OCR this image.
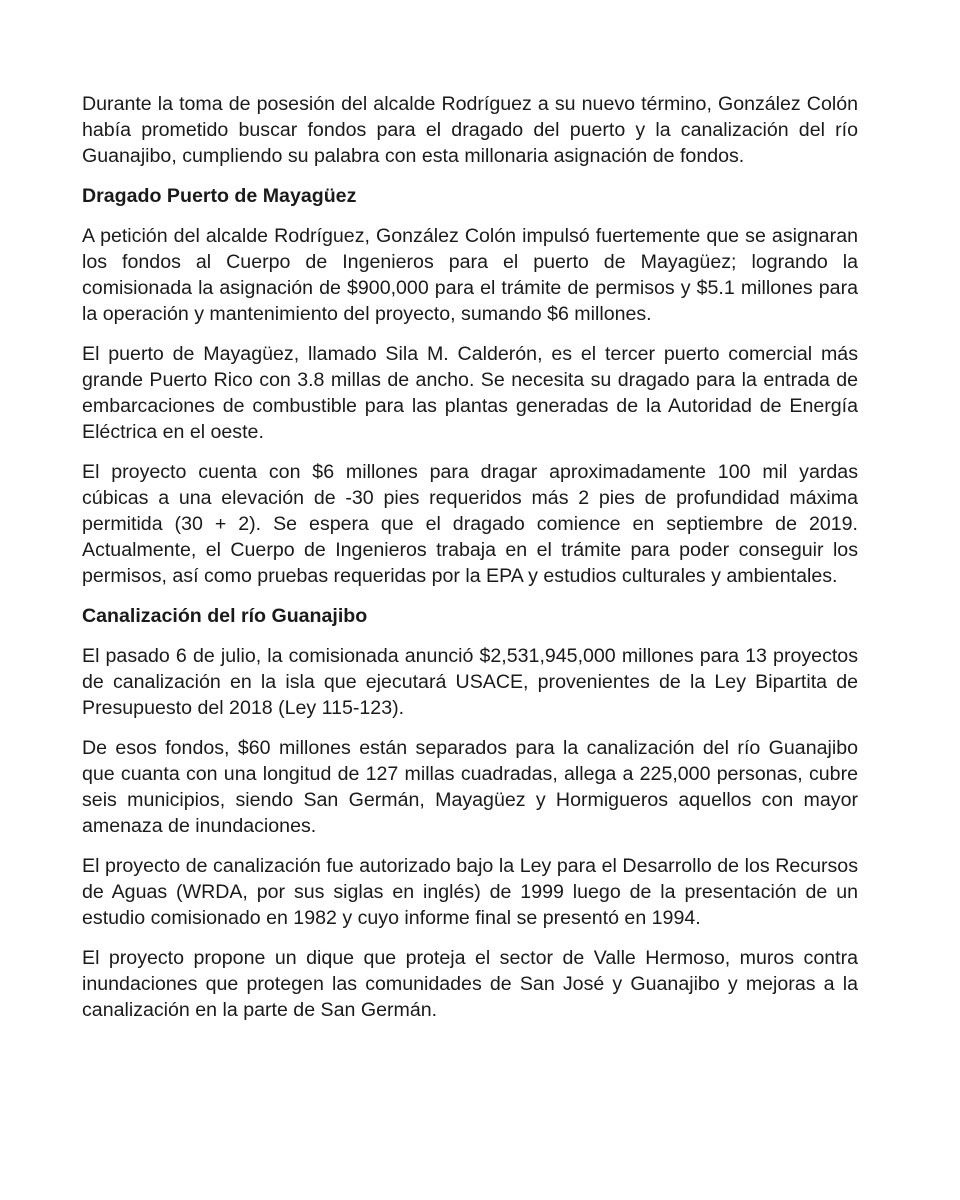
Durante la toma de posesión del alcalde Rodríguez a su nuevo término, González Colón había prometido buscar fondos para el dragado del puerto y la canalización del río Guanajibo, cumpliendo su palabra con esta millonaria asignación de fondos.

Dragado Puerto de Mayagüez

A petición del alcalde Rodríguez, González Colón impulsó fuertemente que se asignaran los fondos al Cuerpo de Ingenieros para el puerto de Mayagüez; logrando la comisionada la asignación de $900,000 para el trámite de permisos y $5.1 millones para la operación y mantenimiento del proyecto, sumando $6 millones.

El puerto de Mayagüez, llamado Sila M. Calderón, es el tercer puerto comercial más grande Puerto Rico con 3.8 millas de ancho. Se necesita su dragado para la entrada de embarcaciones de combustible para las plantas generadas de la Autoridad de Energía Eléctrica en el oeste.

El proyecto cuenta con $6 millones para dragar aproximadamente 100 mil yardas cúbicas a una elevación de -30 pies requeridos más 2 pies de profundidad máxima permitida (30 + 2). Se espera que el dragado comience en septiembre de 2019. Actualmente, el Cuerpo de Ingenieros trabaja en el trámite para poder conseguir los permisos, así como pruebas requeridas por la EPA y estudios culturales y ambientales.

Canalización del río Guanajibo

El pasado 6 de julio, la comisionada anunció $2,531,945,000 millones para 13 proyectos de canalización en la isla que ejecutará USACE, provenientes de la Ley Bipartita de Presupuesto del 2018 (Ley 115-123).

De esos fondos, $60 millones están separados para la canalización del río Guanajibo que cuanta con una longitud de 127 millas cuadradas, allega a 225,000 personas, cubre seis municipios, siendo San Germán, Mayagüez y Hormigueros aquellos con mayor amenaza de inundaciones.

El proyecto de canalización fue autorizado bajo la Ley para el Desarrollo de los Recursos de Aguas (WRDA, por sus siglas en inglés) de 1999 luego de la presentación de un estudio comisionado en 1982 y cuyo informe final se presentó en 1994.

El proyecto propone un dique que proteja el sector de Valle Hermoso, muros contra inundaciones que protegen las comunidades de San José y Guanajibo y mejoras a la canalización en la parte de San Germán.
